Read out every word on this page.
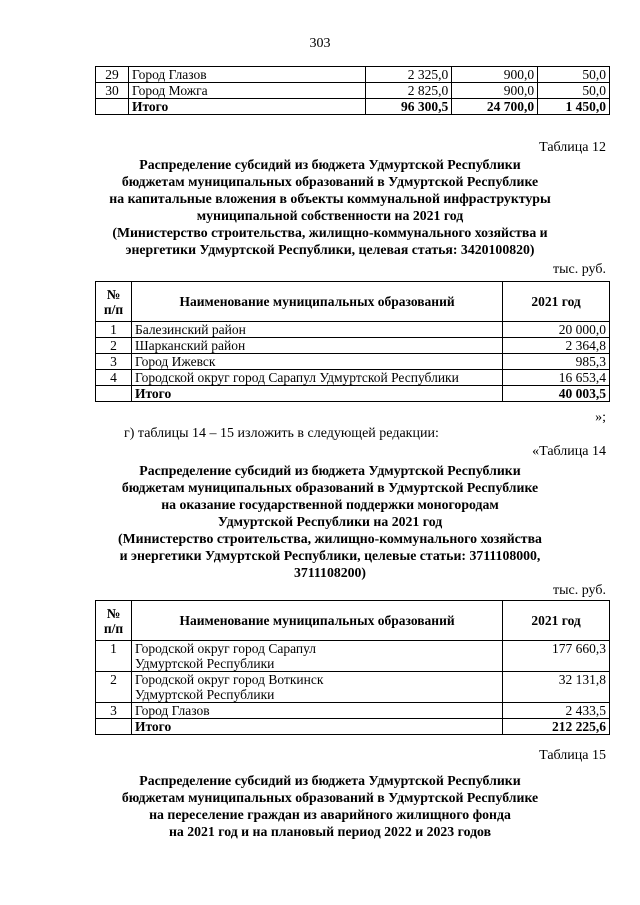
303
29	Город Глазов	2 325,0	900,0	50,0
30	Город Можга	2 825,0	900,0	50,0
	Итого	96 300,5	24 700,0	1 450,0
Таблица 12
Распределение субсидий из бюджета Удмуртской Республики
бюджетам муниципальных образований в Удмуртской Республике
на капитальные вложения в объекты коммунальной инфраструктуры
муниципальной собственности на 2021 год
(Министерство строительства, жилищно-коммунального хозяйства и
энергетики Удмуртской Республики, целевая статья: 3420100820)
тыс. руб.
№
п/п	Наименование муниципальных образований	2021 год
1	Балезинский район	20 000,0
2	Шарканский район	2 364,8
3	Город Ижевск	985,3
4	Городской округ город Сарапул Удмуртской Республики	16 653,4
	Итого	40 003,5
»;
г) таблицы 14 – 15 изложить в следующей редакции:
«Таблица 14
Распределение субсидий из бюджета Удмуртской Республики
бюджетам муниципальных образований в Удмуртской Республике
на оказание государственной поддержки моногородам
Удмуртской Республики на 2021 год
(Министерство строительства, жилищно-коммунального хозяйства
и энергетики Удмуртской Республики, целевые статьи: 3711108000,
3711108200)
тыс. руб.
№
п/п	Наименование муниципальных образований	2021 год
1	Городской округ город Сарапул
Удмуртской Республики	177 660,3
2	Городской округ город Воткинск
Удмуртской Республики	32 131,8
3	Город Глазов	2 433,5
	Итого	212 225,6
Таблица 15
Распределение субсидий из бюджета Удмуртской Республики
бюджетам муниципальных образований в Удмуртской Республике
на переселение граждан из аварийного жилищного фонда
на 2021 год и на плановый период 2022 и 2023 годов
